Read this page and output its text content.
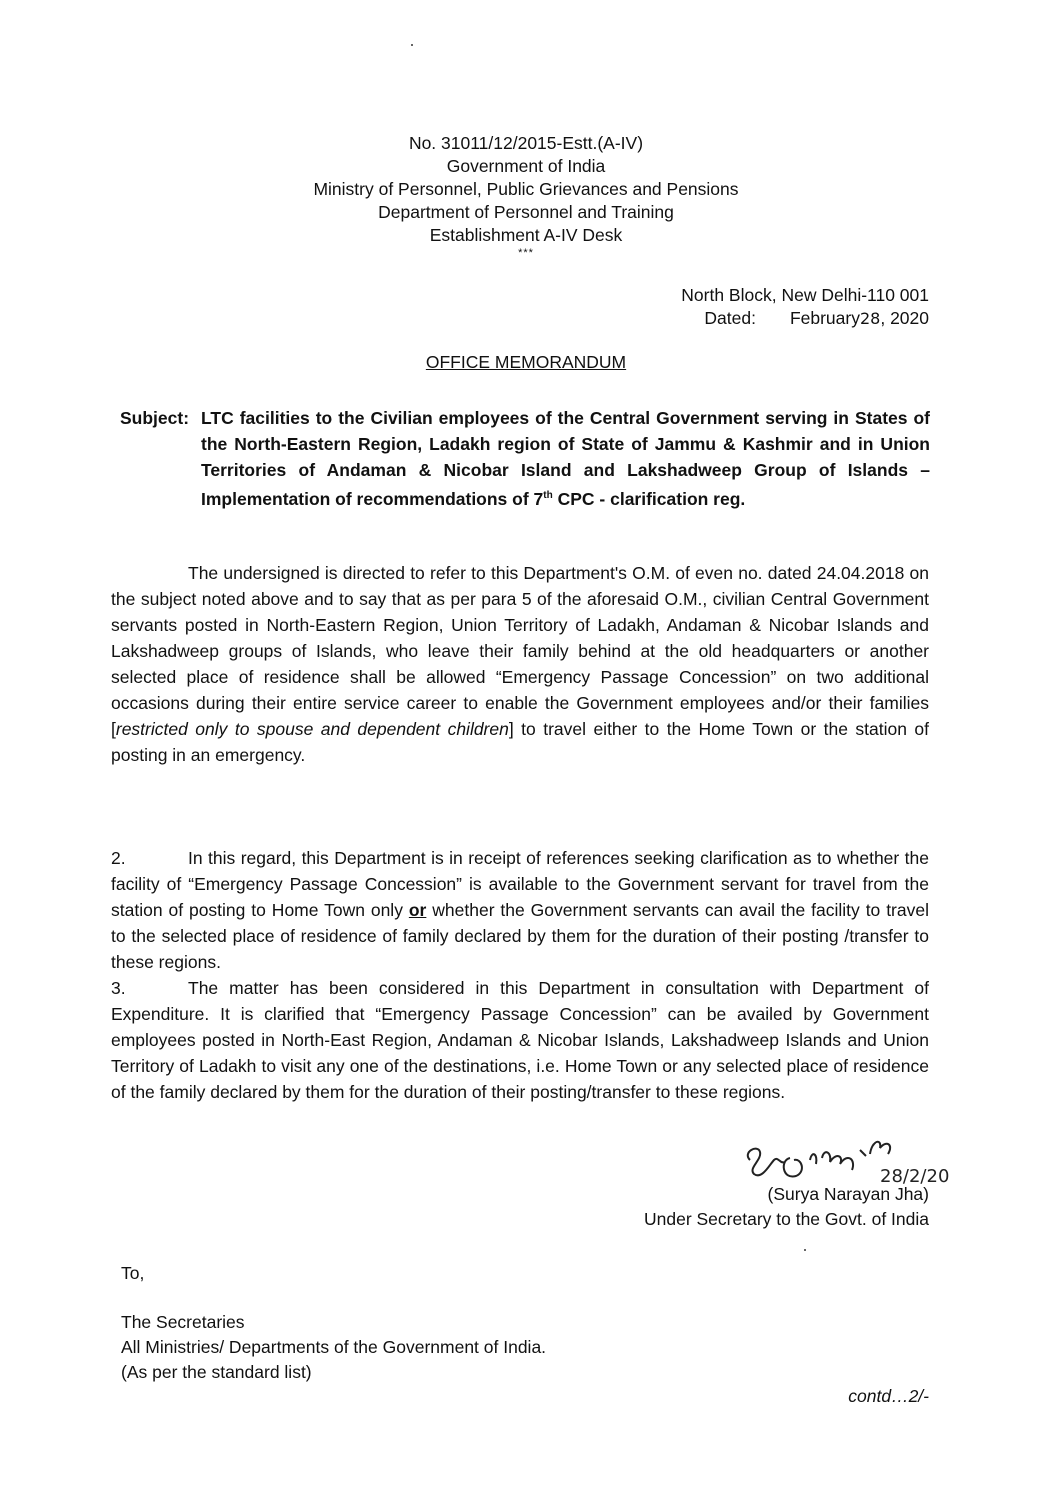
No. 31011/12/2015-Estt.(A-IV)
Government of India
Ministry of Personnel, Public Grievances and Pensions
Department of Personnel and Training
Establishment A-IV Desk
***
North Block, New Delhi-110 001
Dated: February28, 2020
OFFICE MEMORANDUM
Subject: LTC facilities to the Civilian employees of the Central Government serving in States of the North-Eastern Region, Ladakh region of State of Jammu & Kashmir and in Union Territories of Andaman & Nicobar Island and Lakshadweep Group of Islands – Implementation of recommendations of 7th CPC - clarification reg.
The undersigned is directed to refer to this Department's O.M. of even no. dated 24.04.2018 on the subject noted above and to say that as per para 5 of the aforesaid O.M., civilian Central Government servants posted in North-Eastern Region, Union Territory of Ladakh, Andaman & Nicobar Islands and Lakshadweep groups of Islands, who leave their family behind at the old headquarters or another selected place of residence shall be allowed “Emergency Passage Concession” on two additional occasions during their entire service career to enable the Government employees and/or their families [restricted only to spouse and dependent children] to travel either to the Home Town or the station of posting in an emergency.
2.	In this regard, this Department is in receipt of references seeking clarification as to whether the facility of “Emergency Passage Concession” is available to the Government servant for travel from the station of posting to Home Town only or whether the Government servants can avail the facility to travel to the selected place of residence of family declared by them for the duration of their posting /transfer to these regions.
3.	The matter has been considered in this Department in consultation with Department of Expenditure. It is clarified that “Emergency Passage Concession” can be availed by Government employees posted in North-East Region, Andaman & Nicobar Islands, Lakshadweep Islands and Union Territory of Ladakh to visit any one of the destinations, i.e. Home Town or any selected place of residence of the family declared by them for the duration of their posting/transfer to these regions.
28/2/20
(Surya Narayan Jha)
Under Secretary to the Govt. of India
To,
The Secretaries
All Ministries/ Departments of the Government of India.
(As per the standard list)
contd…2/-
